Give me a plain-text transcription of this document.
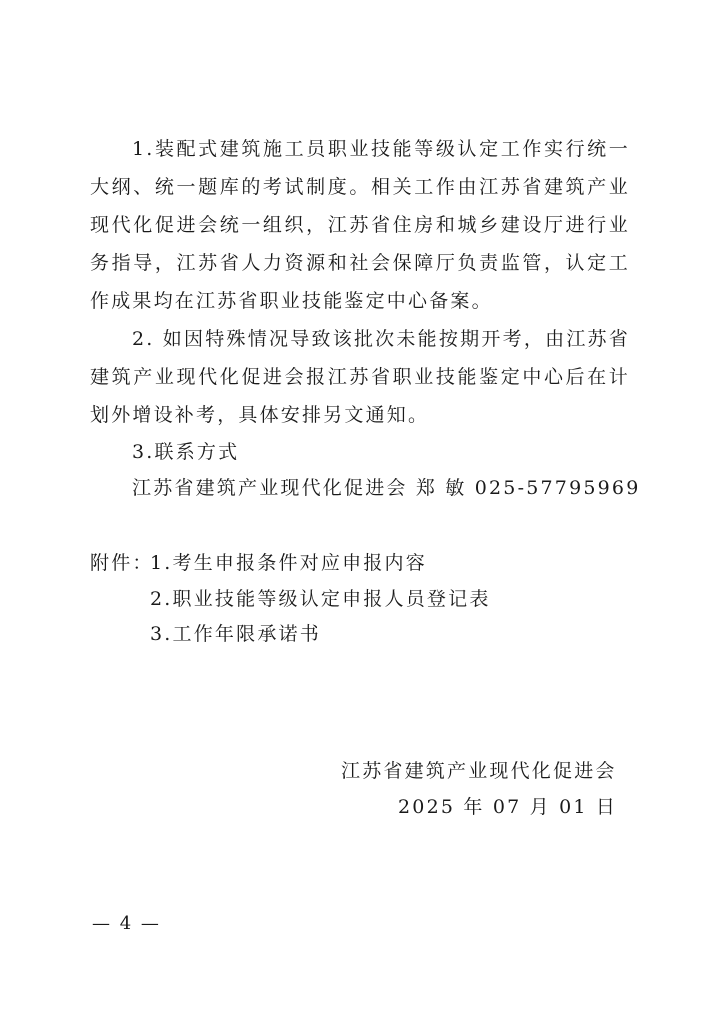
1.装配式建筑施工员职业技能等级认定工作实行统一大纲、统一题库的考试制度。相关工作由江苏省建筑产业现代化促进会统一组织，江苏省住房和城乡建设厅进行业务指导，江苏省人力资源和社会保障厅负责监管，认定工作成果均在江苏省职业技能鉴定中心备案。

2. 如因特殊情况导致该批次未能按期开考，由江苏省建筑产业现代化促进会报江苏省职业技能鉴定中心后在计划外增设补考，具体安排另文通知。

3.联系方式

江苏省建筑产业现代化促进会 郑 敏 025-57795969

附件：

1.考生申报条件对应申报内容

2.职业技能等级认定申报人员登记表

3.工作年限承诺书

江苏省建筑产业现代化促进会

2025 年 07 月 01 日

— 4 —
